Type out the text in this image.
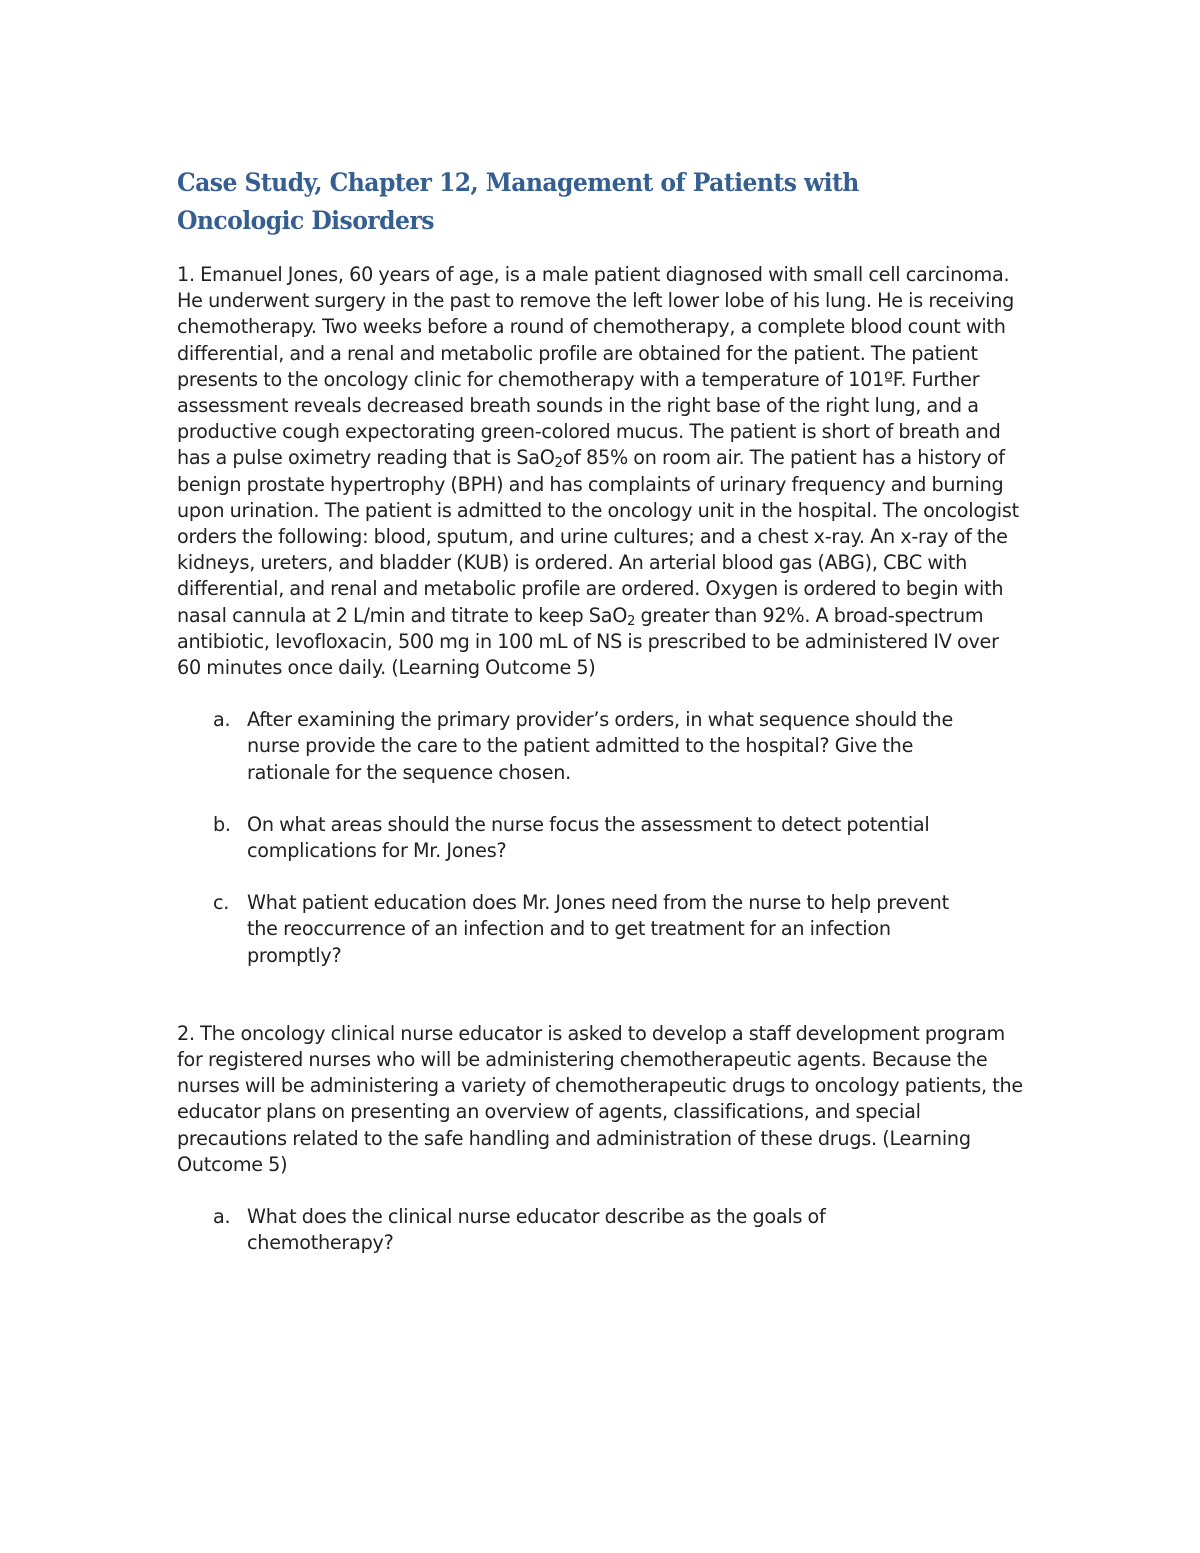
Case Study, Chapter 12, Management of Patients with Oncologic Disorders

1. Emanuel Jones, 60 years of age, is a male patient diagnosed with small cell carcinoma. He underwent surgery in the past to remove the left lower lobe of his lung. He is receiving chemotherapy. Two weeks before a round of chemotherapy, a complete blood count with differential, and a renal and metabolic profile are obtained for the patient. The patient presents to the oncology clinic for chemotherapy with a temperature of 101ºF. Further assessment reveals decreased breath sounds in the right base of the right lung, and a productive cough expectorating green-colored mucus. The patient is short of breath and has a pulse oximetry reading that is SaO$_2$of 85% on room air. The patient has a history of benign prostate hypertrophy (BPH) and has complaints of urinary frequency and burning upon urination. The patient is admitted to the oncology unit in the hospital. The oncologist orders the following: blood, sputum, and urine cultures; and a chest x-ray. An x-ray of the kidneys, ureters, and bladder (KUB) is ordered. An arterial blood gas (ABG), CBC with differential, and renal and metabolic profile are ordered. Oxygen is ordered to begin with nasal cannula at 2 L/min and titrate to keep SaO$_2$ greater than 92%. A broad-spectrum antibiotic, levofloxacin, 500 mg in 100 mL of NS is prescribed to be administered IV over 60 minutes once daily. (Learning Outcome 5)

a. After examining the primary provider’s orders, in what sequence should the nurse provide the care to the patient admitted to the hospital? Give the rationale for the sequence chosen.
b. On what areas should the nurse focus the assessment to detect potential complications for Mr. Jones?
c. What patient education does Mr. Jones need from the nurse to help prevent the reoccurrence of an infection and to get treatment for an infection promptly?

2. The oncology clinical nurse educator is asked to develop a staff development program for registered nurses who will be administering chemotherapeutic agents. Because the nurses will be administering a variety of chemotherapeutic drugs to oncology patients, the educator plans on presenting an overview of agents, classifications, and special precautions related to the safe handling and administration of these drugs. (Learning Outcome 5)

a. What does the clinical nurse educator describe as the goals of chemotherapy?
